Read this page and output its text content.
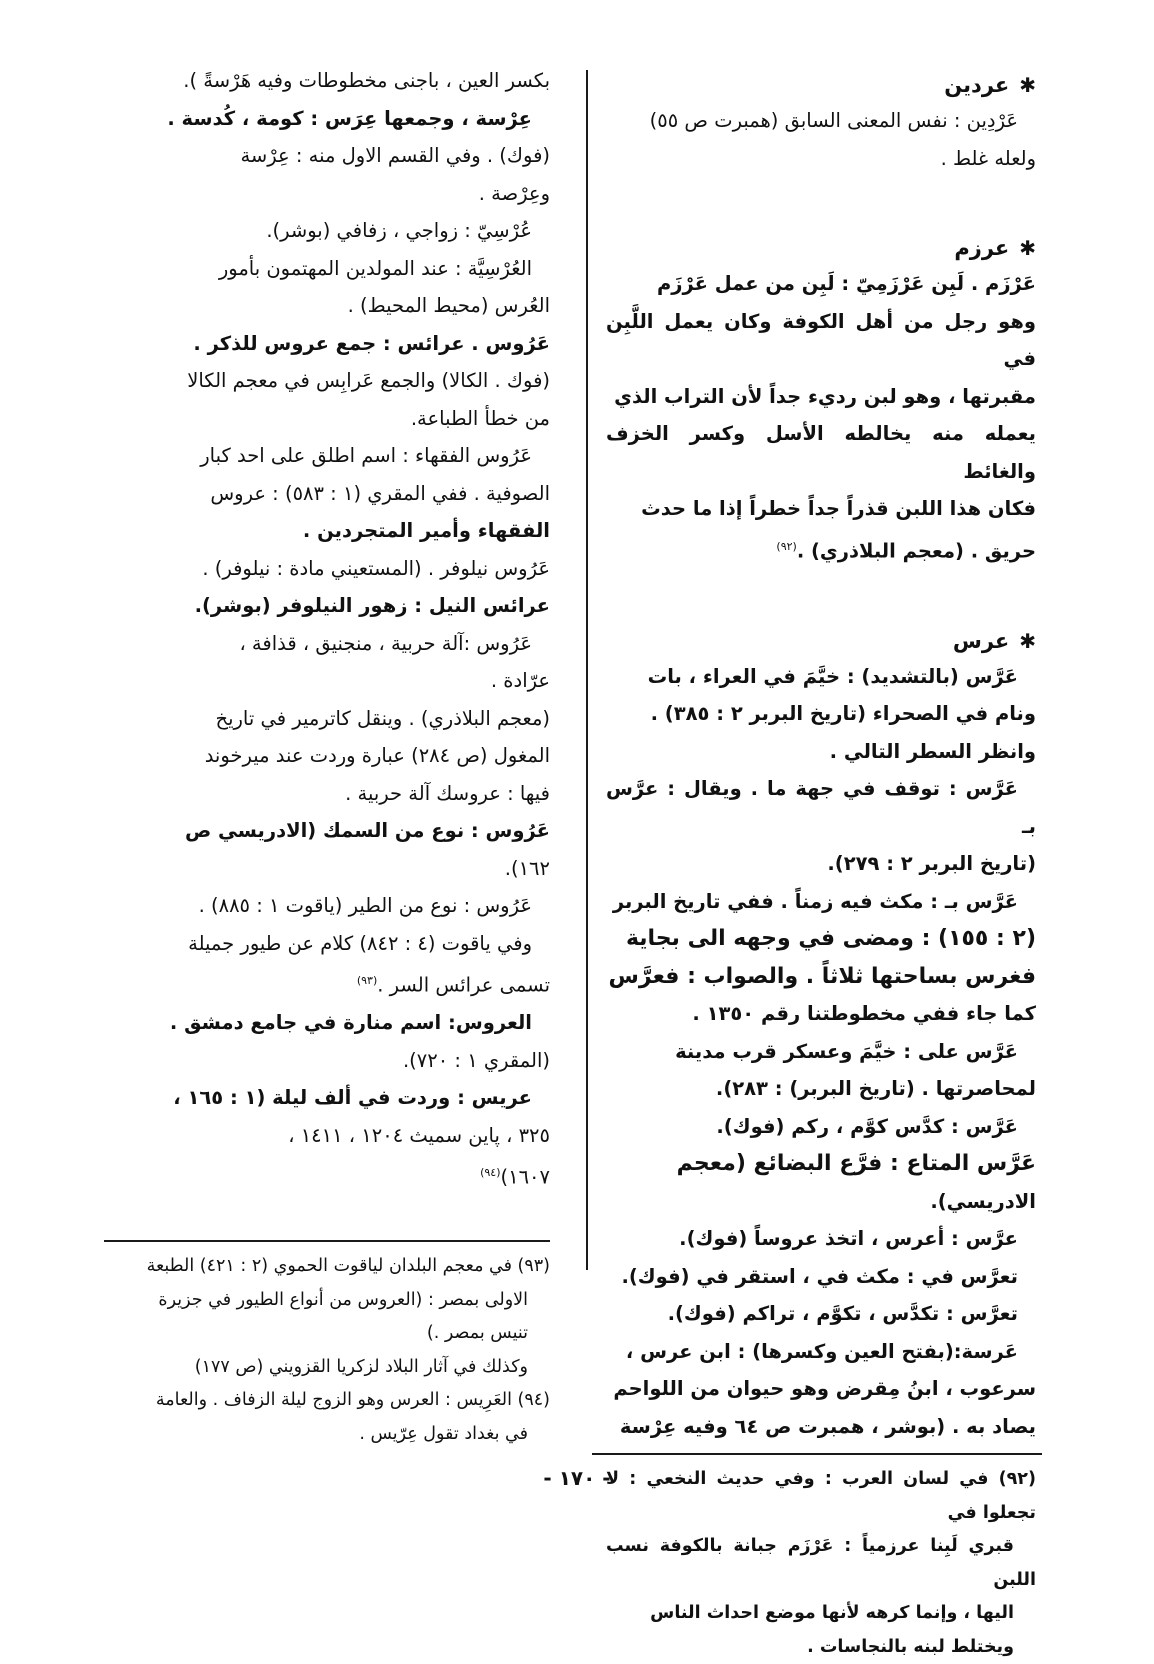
✱عردين

عَرْدِين : نفس المعنى السابق (همبرت ص ٥٥)

ولعله غلط .

✱عرزم

عَرْزَم . لَبِن عَرْزَمِيّ : لَبِن من عمل عَرْزَم

وهو رجل من أهل الكوفة وكان يعمل اللَّبِن في

مقبرتها ، وهو لبن رديء جداً لأن التراب الذي

يعمله منه يخالطه الأسل وكسر الخزف والغائط

فكان هذا اللبن قذراً جداً خطراً إذا ما حدث

حريق . (معجم البلاذري) .$^{(٩٢)}$

✱عرس

عَرَّس (بالتشديد) : خيَّمَ في العراء ، بات

ونام في الصحراء (تاريخ البربر ٢ : ٣٨٥) .

وانظر السطر التالي .

عَرَّس : توقف في جهة ما . ويقال : عرَّس بـ

(تاريخ البربر ٢ : ٢٧٩).

عَرَّس بـ : مكث فيه زمناً . ففي تاريخ البربر

(٢ : ١٥٥) : ومضى في وجهه الى بجاية

فغرس بساحتها ثلاثاً . والصواب : فعرَّس

كما جاء ففي مخطوطتنا رقم ١٣٥٠ .

عَرَّس على : خيَّمَ وعسكر قرب مدينة

لمحاصرتها . (تاريخ البربر) : ٢٨٣).

عَرَّس : كدَّس كوَّم ، ركم (فوك).

عَرَّس المتاع : فرَّع البضائع (معجم

الادريسي).

عرَّس : أعرس ، اتخذ عروساً (فوك).

تعرَّس في : مكث في ، استقر في (فوك).

تعرَّس : تكدَّس ، تكوَّم ، تراكم (فوك).

عَرسة:(بفتح العين وكسرها) : ابن عرس ،

سرعوب ، ابنُ مِقرض وهو حيوان من اللواحم

يصاد به . (بوشر ، همبرت ص ٦٤ وفيه عِرْسة

(٩٢) في لسان العرب : وفي حديث النخعي : لا تجعلوا في

قبري لَبِنا عرزمياً : عَرْزَم جبانة بالكوفة نسب اللبن

اليها ، وإنما كرهه لأنها موضع احداث الناس

ويختلط لبنه بالنجاسات .

بكسر العين ، باجنى مخطوطات وفيه هَرْسةً ).

عِرْسة ، وجمعها عِرَس : كومة ، كُدسة .

(فوك) . وفي القسم الاول منه : عِرْسة

وعِرْصة .

عُرْسِيّ : زواجي ، زفافي (بوشر).

العُرْسِيَّة : عند المولدين المهتمون بأمور

العُرس (محيط المحيط) .

عَرُوس . عرائس : جمع عروس للذكر .

(فوك . الكالا) والجمع عَرابِس في معجم الكالا

من خطأ الطباعة.

عَرُوس الفقهاء : اسم اطلق على احد كبار

الصوفية . ففي المقري (١ : ٥٨٣) : عروس

الفقهاء وأمير المتجردين .

عَرُوس نيلوفر . (المستعيني مادة : نيلوفر) .

عرائس النيل : زهور النيلوفر (بوشر).

عَرُوس :آلة حربية ، منجنيق ، قذافة ،

عرّادة .

(معجم البلاذري) . وينقل كاترمير في تاريخ

المغول (ص ٢٨٤) عبارة وردت عند ميرخوند

فيها : عروسك آلة حربية .

عَرُوس : نوع من السمك (الادريسي ص

١٦٢).

عَرُوس : نوع من الطير (ياقوت ١ : ٨٨٥) .

وفي ياقوت (٤ : ٨٤٢) كلام عن طيور جميلة

تسمى عرائس السر .$^{(٩٣)}$

العروس: اسم منارة في جامع دمشق .

(المقري ١ : ٧٢٠).

عريس : وردت في ألف ليلة (١ : ١٦٥ ،

٣٢٥ ، پاين سميث ١٢٠٤ ، ١٤١١ ،

١٦٠٧)$^{(٩٤)}$

(٩٣) في معجم البلدان لياقوت الحموي (٢ : ٤٢١) الطبعة

الاولى بمصر : (العروس من أنواع الطيور في جزيرة

تنيس بمصر .)

وكذلك في آثار البلاد لزكريا القزويني (ص ١٧٧)

(٩٤) العَرِيس : العرس وهو الزوج ليلة الزفاف . والعامة

في بغداد تقول عِرّيس .

- ١٧٠ -
